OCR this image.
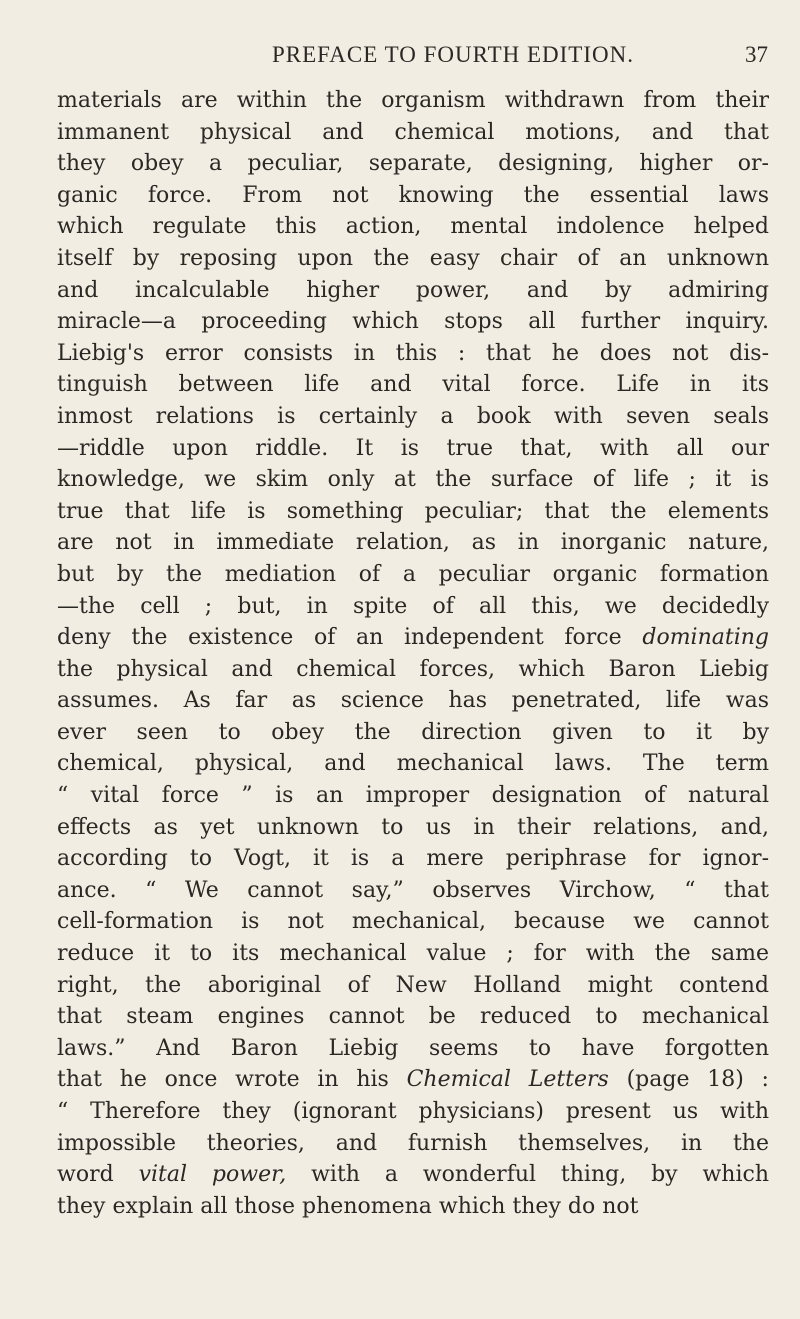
PREFACE TO FOURTH EDITION.	37
materials are within the organism withdrawn from their
immanent physical and chemical motions, and that
they obey a peculiar, separate, designing, higher or-
ganic force. From not knowing the essential laws
which regulate this action, mental indolence helped
itself by reposing upon the easy chair of an unknown
and incalculable higher power, and by admiring
miracle—a proceeding which stops all further inquiry.
Liebig's error consists in this : that he does not dis-
tinguish between life and vital force. Life in its
inmost relations is certainly a book with seven seals
—riddle upon riddle. It is true that, with all our
knowledge, we skim only at the surface of life ; it is
true that life is something peculiar; that the elements
are not in immediate relation, as in inorganic nature,
but by the mediation of a peculiar organic formation
—the cell ; but, in spite of all this, we decidedly
deny the existence of an independent force dominating
the physical and chemical forces, which Baron Liebig
assumes. As far as science has penetrated, life was
ever seen to obey the direction given to it by
chemical, physical, and mechanical laws. The term
“ vital force ” is an improper designation of natural
effects as yet unknown to us in their relations, and,
according to Vogt, it is a mere periphrase for ignor-
ance. “ We cannot say,” observes Virchow, “ that
cell-formation is not mechanical, because we cannot
reduce it to its mechanical value ; for with the same
right, the aboriginal of New Holland might contend
that steam engines cannot be reduced to mechanical
laws.” And Baron Liebig seems to have forgotten
that he once wrote in his Chemical Letters (page 18) :
“ Therefore they (ignorant physicians) present us with
impossible theories, and furnish themselves, in the
word vital power, with a wonderful thing, by which
they explain all those phenomena which they do not
